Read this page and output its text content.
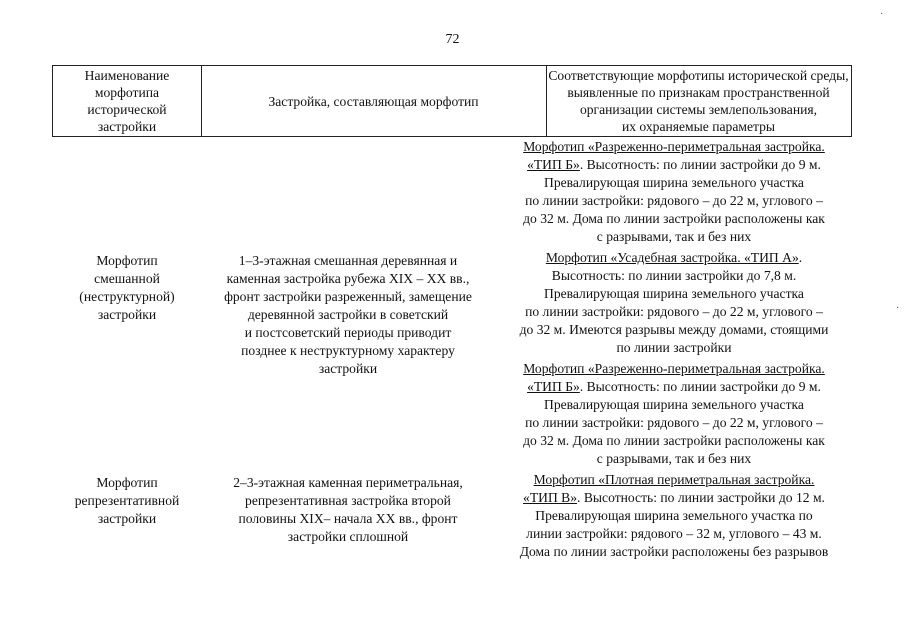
72
Наименование
морфотипа
исторической
застройки
Застройка, составляющая морфотип
Соответствующие морфотипы исторической среды,
выявленные по признакам пространственной
организации системы землепользования,
их охраняемые параметры
Морфотип
смешанной
(неструктурной)
застройки
1–3-этажная смешанная деревянная и
каменная застройка рубежа XIX – XX вв.,
фронт застройки разреженный, замещение
деревянной застройки в советский
и постсоветский периоды приводит
позднее к неструктурному характеру
застройки
Морфотип «Разреженно-периметральная застройка.
«ТИП Б». Высотность: по линии застройки до 9 м.
Превалирующая ширина земельного участка
по линии застройки: рядового – до 22 м, углового –
до 32 м. Дома по линии застройки расположены как
с разрывами, так и без них
Морфотип «Усадебная застройка. «ТИП А».
Высотность: по линии застройки до 7,8 м.
Превалирующая ширина земельного участка
по линии застройки: рядового – до 22 м, углового –
до 32 м. Имеются разрывы между домами, стоящими
по линии застройки
Морфотип «Разреженно-периметральная застройка.
«ТИП Б». Высотность: по линии застройки до 9 м.
Превалирующая ширина земельного участка
по линии застройки: рядового – до 22 м, углового –
до 32 м. Дома по линии застройки расположены как
с разрывами, так и без них
Морфотип
репрезентативной
застройки
2–3-этажная каменная периметральная,
репрезентативная застройка второй
половины XIX– начала XX вв., фронт
застройки сплошной
Морфотип «Плотная периметральная застройка.
«ТИП В». Высотность: по линии застройки до 12 м.
Превалирующая ширина земельного участка по
линии застройки: рядового – 32 м, углового – 43 м.
Дома по линии застройки расположены без разрывов
·
·
